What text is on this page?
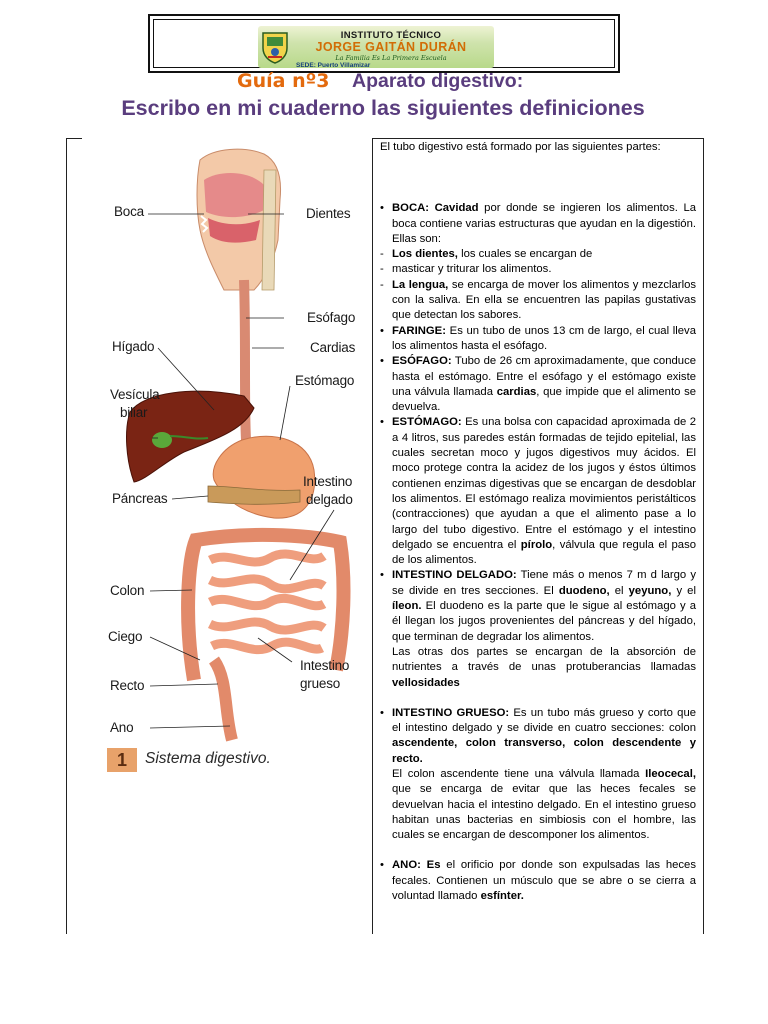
INSTITUTO TÉCNICO
JORGE GAITÁN DURÁN
La Familia Es La Primera Escuela
SEDE: Puerto Villamizar
Guía nº3 Aparato digestivo:
Escribo en mi cuaderno las siguientes definiciones
Boca	Dientes
Esófago
Hígado	Cardias
Estómago
Vesícula
biliar
Intestino
delgado
Páncreas
Colon
Ciego
Intestino
grueso
Recto
Ano
1	Sistema digestivo.

El tubo digestivo está formado por las siguientes partes:

• BOCA: Cavidad por donde se ingieren los alimentos. La boca contiene varias estructuras que ayudan en la digestión. Ellas son:
- Los dientes, los cuales se encargan de
- masticar y triturar los alimentos.
- La lengua, se encarga de mover los alimentos y mezclarlos con la saliva. En ella se encuentren las papilas gustativas que detectan los sabores.
• FARINGE: Es un tubo de unos 13 cm de largo, el cual lleva los alimentos hasta el esófago.
• ESÓFAGO: Tubo de 26 cm aproximadamente, que conduce hasta el estómago. Entre el esófago y el estómago existe una válvula llamada cardias, que impide que el alimento se devuelva.
• ESTÓMAGO: Es una bolsa con capacidad aproximada de 2 a 4 litros, sus paredes están formadas de tejido epitelial, las cuales secretan moco y jugos digestivos muy ácidos. El moco protege contra la acidez de los jugos y éstos últimos contienen enzimas digestivas que se encargan de desdoblar los alimentos. El estómago realiza movimientos peristálticos (contracciones) que ayudan a que el alimento pase a lo largo del tubo digestivo. Entre el estómago y el intestino delgado se encuentra el pírolo, válvula que regula el paso de los alimentos.
• INTESTINO DELGADO: Tiene más o menos 7 m d largo y se divide en tres secciones. El duodeno, el yeyuno, y el íleon. El duodeno es la parte que le sigue al estómago y a él llegan los jugos provenientes del páncreas y del hígado, que terminan de degradar los alimentos.
Las otras dos partes se encargan de la absorción de nutrientes a través de unas protuberancias llamadas vellosidades
• INTESTINO GRUESO: Es un tubo más grueso y corto que el intestino delgado y se divide en cuatro secciones: colon ascendente, colon transverso, colon descendente y recto.
El colon ascendente tiene una válvula llamada Ileocecal, que se encarga de evitar que las heces fecales se devuelvan hacia el intestino delgado. En el intestino grueso habitan unas bacterias en simbiosis con el hombre, las cuales se encargan de descomponer los alimentos.
• ANO: Es el orificio por donde son expulsadas las heces fecales. Contienen un músculo que se abre o se cierra a voluntad llamado esfínter.
